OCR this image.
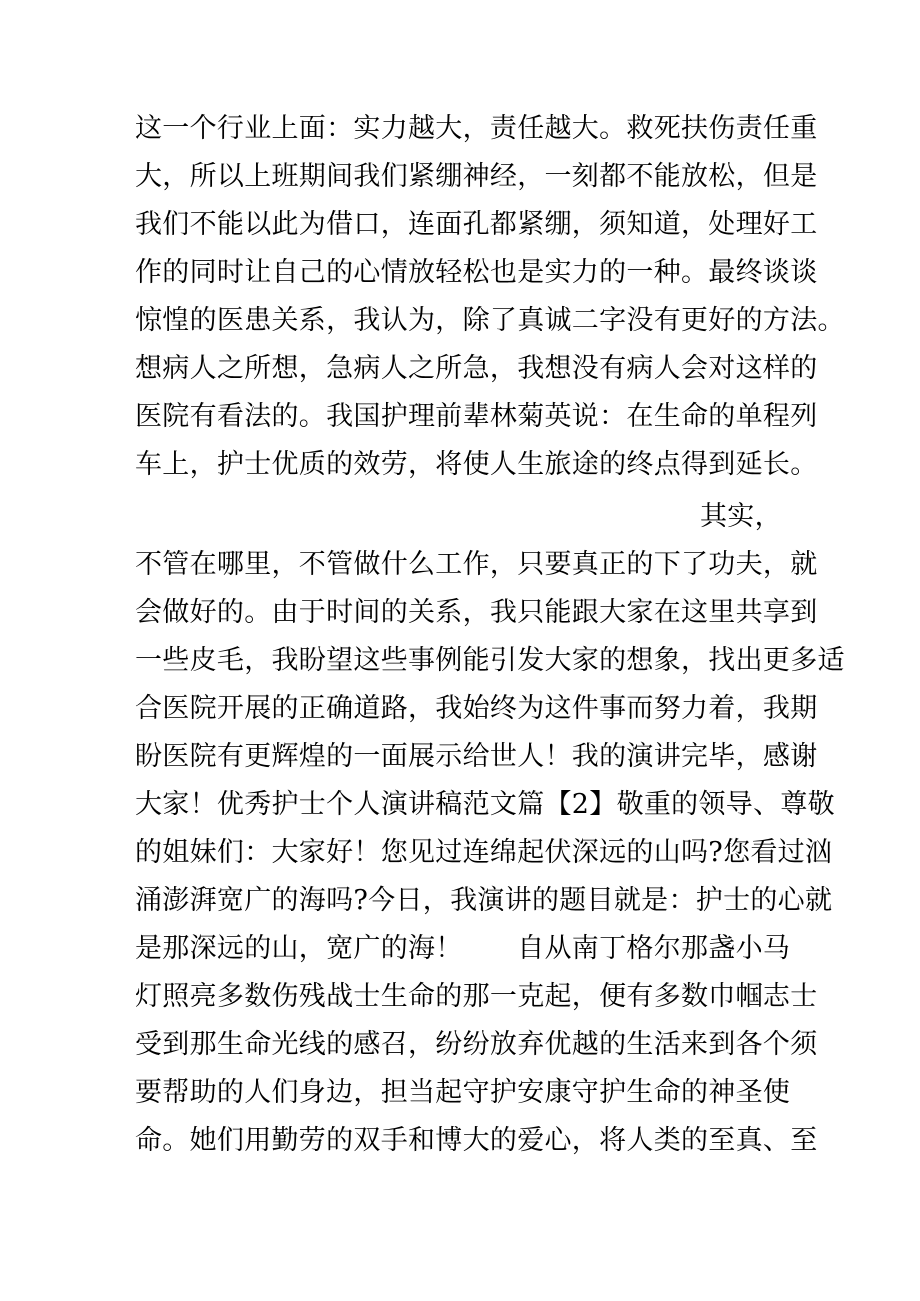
这一个行业上面：实力越大，责任越大。救死扶伤责任重
大，所以上班期间我们紧绷神经，一刻都不能放松，但是
我们不能以此为借口，连面孔都紧绷，须知道，处理好工
作的同时让自己的心情放轻松也是实力的一种。最终谈谈
惊惶的医患关系，我认为，除了真诚二字没有更好的方法。
想病人之所想，急病人之所急，我想没有病人会对这样的
医院有看法的。我国护理前辈林菊英说：在生命的单程列
车上，护士优质的效劳，将使人生旅途的终点得到延长。
其实，
不管在哪里，不管做什么工作，只要真正的下了功夫，就
会做好的。由于时间的关系，我只能跟大家在这里共享到
一些皮毛，我盼望这些事例能引发大家的想象，找出更多适
合医院开展的正确道路，我始终为这件事而努力着，我期
盼医院有更辉煌的一面展示给世人！我的演讲完毕，感谢
大家！优秀护士个人演讲稿范文篇【2】敬重的领导、尊敬
的姐妹们：大家好！您见过连绵起伏深远的山吗?您看过汹
涌澎湃宽广的海吗?今日，我演讲的题目就是：护士的心就
是那深远的山，宽广的海！　　自从南丁格尔那盏小马
灯照亮多数伤残战士生命的那一克起，便有多数巾帼志士
受到那生命光线的感召，纷纷放弃优越的生活来到各个须
要帮助的人们身边，担当起守护安康守护生命的神圣使
命。她们用勤劳的双手和博大的爱心，将人类的至真、至
